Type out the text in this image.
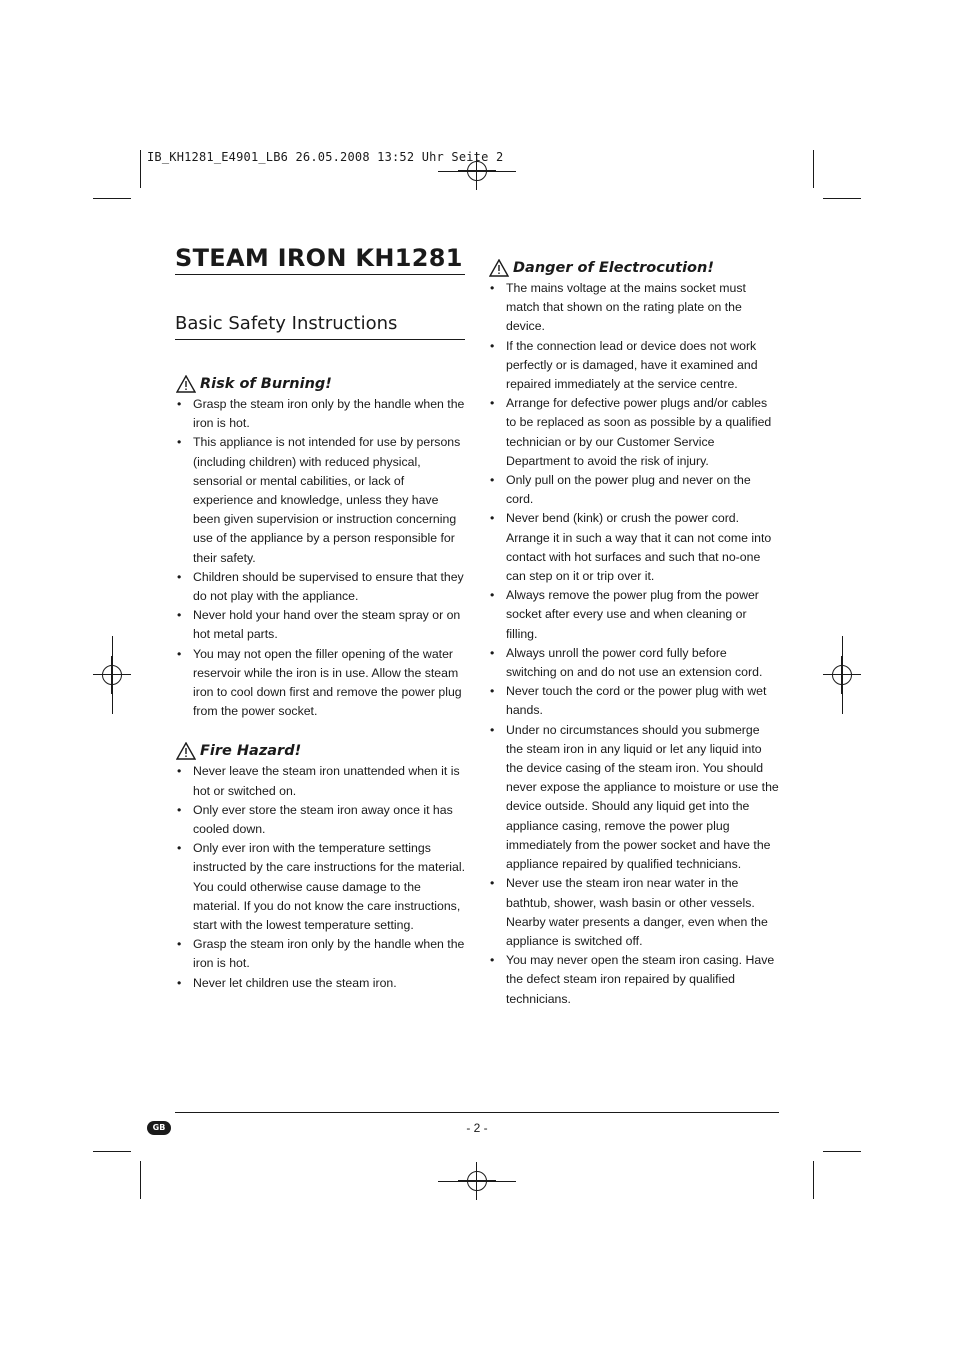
IB_KH1281_E4901_LB6 26.05.2008 13:52 Uhr Seite 2
STEAM IRON KH1281
Basic Safety Instructions
Risk of Burning!
• Grasp the steam iron only by the handle when the iron is hot.
• This appliance is not intended for use by persons (including children) with reduced physical, sensorial or mental cabilities, or lack of experience and knowledge, unless they have been given supervision or instruction concerning use of the appliance by a person responsible for their safety.
• Children should be supervised to ensure that they do not play with the appliance.
• Never hold your hand over the steam spray or on hot metal parts.
• You may not open the filler opening of the water reservoir while the iron is in use. Allow the steam iron to cool down first and remove the power plug from the power socket.
Fire Hazard!
• Never leave the steam iron unattended when it is hot or switched on.
• Only ever store the steam iron away once it has cooled down.
• Only ever iron with the temperature settings instructed by the care instructions for the material. You could otherwise cause damage to the material. If you do not know the care instructions, start with the lowest temperature setting.
• Grasp the steam iron only by the handle when the iron is hot.
• Never let children use the steam iron.
Danger of Electrocution!
• The mains voltage at the mains socket must match that shown on the rating plate on the device.
• If the connection lead or device does not work perfectly or is damaged, have it examined and repaired immediately at the service centre.
• Arrange for defective power plugs and/or cables to be replaced as soon as possible by a qualified technician or by our Customer Service Department to avoid the risk of injury.
• Only pull on the power plug and never on the cord.
• Never bend (kink) or crush the power cord. Arrange it in such a way that it can not come into contact with hot surfaces and such that no-one can step on it or trip over it.
• Always remove the power plug from the power socket after every use and when cleaning or filling.
• Always unroll the power cord fully before switching on and do not use an extension cord.
• Never touch the cord or the power plug with wet hands.
• Under no circumstances should you submerge the steam iron in any liquid or let any liquid into the device casing of the steam iron. You should never expose the appliance to moisture or use the device outside. Should any liquid get into the appliance casing, remove the power plug immediately from the power socket and have the appliance repaired by qualified technicians.
• Never use the steam iron near water in the bathtub, shower, wash basin or other vessels. Nearby water presents a danger, even when the appliance is switched off.
• You may never open the steam iron casing. Have the defect steam iron repaired by qualified technicians.
GB	- 2 -
